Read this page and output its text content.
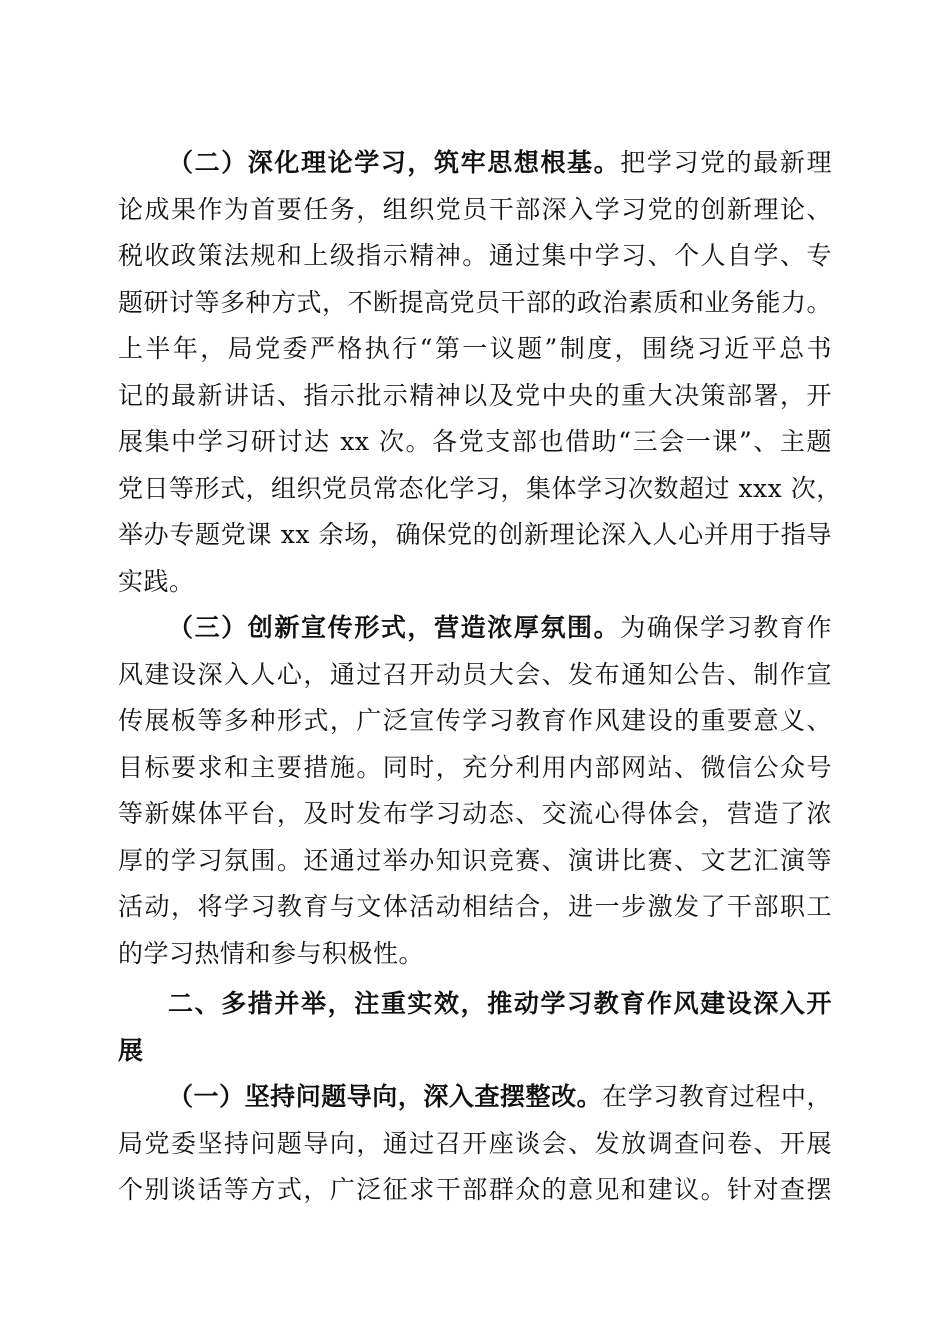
（二）深化理论学习，筑牢思想根基。把学习党的最新理
论成果作为首要任务，组织党员干部深入学习党的创新理论、
税收政策法规和上级指示精神。通过集中学习、个人自学、专
题研讨等多种方式，不断提高党员干部的政治素质和业务能力。
上半年，局党委严格执行“第一议题”制度，围绕习近平总书
记的最新讲话、指示批示精神以及党中央的重大决策部署，开
展集中学习研讨达 xx 次。各党支部也借助“三会一课”、主题
党日等形式，组织党员常态化学习，集体学习次数超过 xxx 次，
举办专题党课 xx 余场，确保党的创新理论深入人心并用于指导
实践。
（三）创新宣传形式，营造浓厚氛围。为确保学习教育作
风建设深入人心，通过召开动员大会、发布通知公告、制作宣
传展板等多种形式，广泛宣传学习教育作风建设的重要意义、
目标要求和主要措施。同时，充分利用内部网站、微信公众号
等新媒体平台，及时发布学习动态、交流心得体会，营造了浓
厚的学习氛围。还通过举办知识竞赛、演讲比赛、文艺汇演等
活动，将学习教育与文体活动相结合，进一步激发了干部职工
的学习热情和参与积极性。
二、多措并举，注重实效，推动学习教育作风建设深入开
展
（一）坚持问题导向，深入查摆整改。在学习教育过程中，
局党委坚持问题导向，通过召开座谈会、发放调查问卷、开展
个别谈话等方式，广泛征求干部群众的意见和建议。针对查摆
